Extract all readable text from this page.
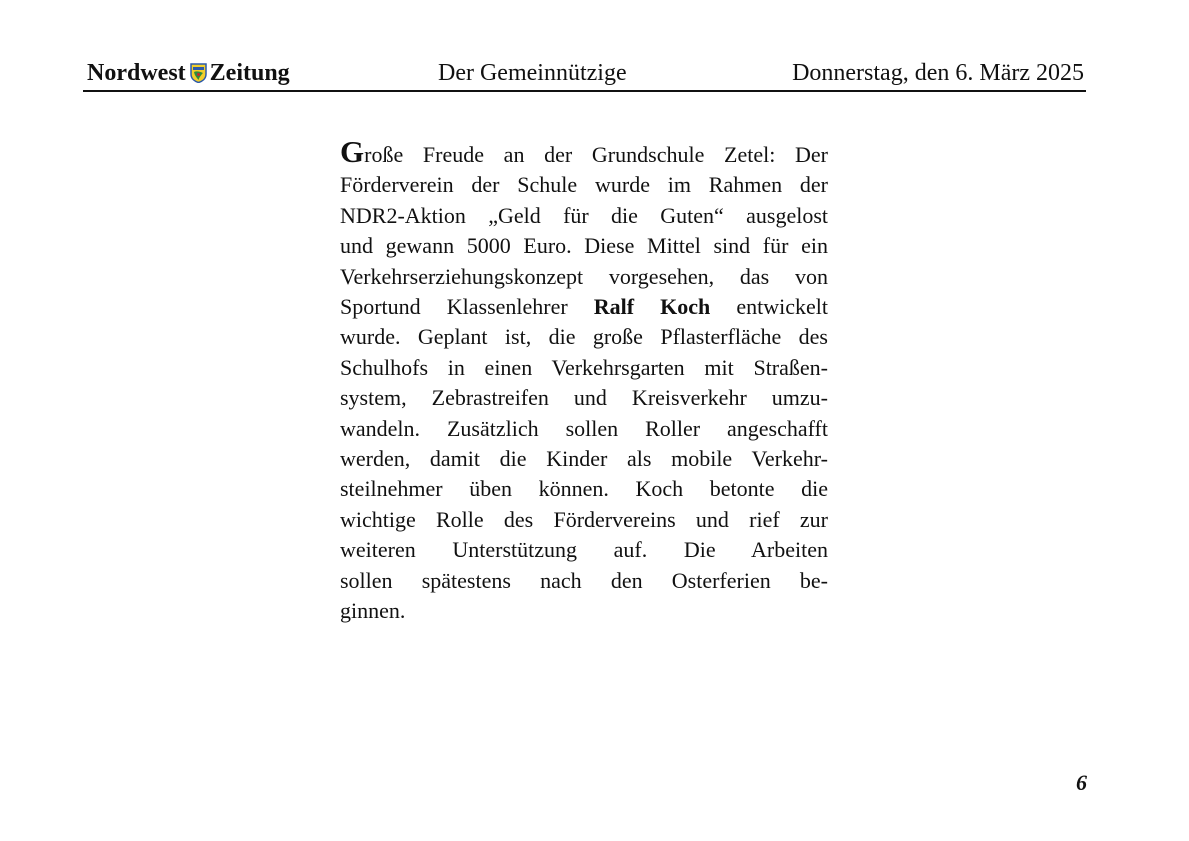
Nordwest Zeitung	Der Gemeinnützige	Donnerstag, den 6. März 2025
Große Freude an der Grundschule Zetel: Der
Förderverein der Schule wurde im Rahmen der
NDR2-Aktion „Geld für die Guten“ ausgelost
und gewann 5000 Euro. Diese Mittel sind für ein
Verkehrserziehungskonzept vorgesehen, das von
Sportund Klassenlehrer Ralf Koch entwickelt
wurde. Geplant ist, die große Pflasterfläche des
Schulhofs in einen Verkehrsgarten mit Straßen-
system, Zebrastreifen und Kreisverkehr umzu-
wandeln. Zusätzlich sollen Roller angeschafft
werden, damit die Kinder als mobile Verkehr-
steilnehmer üben können. Koch betonte die
wichtige Rolle des Fördervereins und rief zur
weiteren Unterstützung auf. Die Arbeiten
sollen spätestens nach den Osterferien be-
ginnen.
6
